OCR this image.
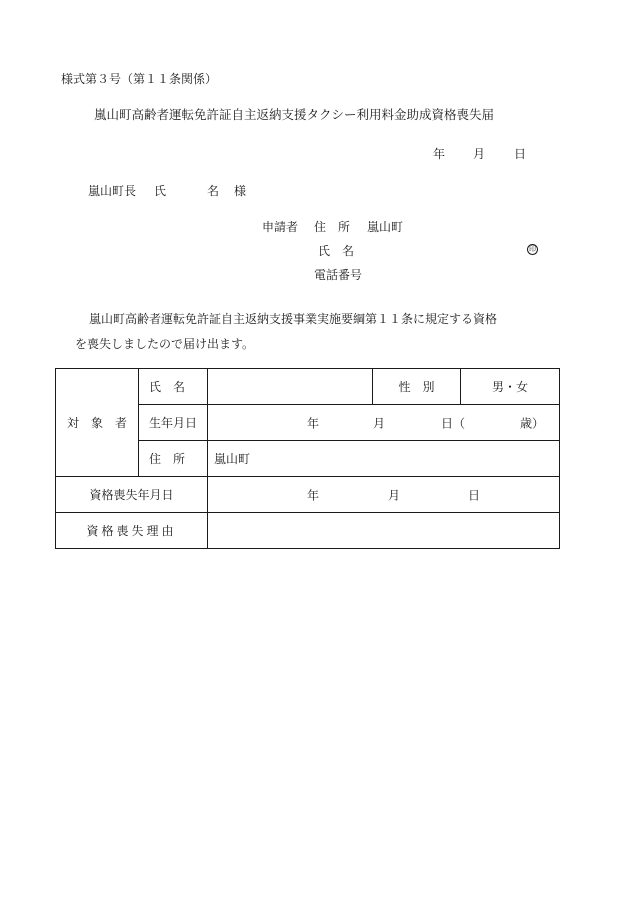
様式第３号（第１１条関係）
嵐山町高齢者運転免許証自主返納支援タクシー利用料金助成資格喪失届
年 月 日
嵐山町長 氏	名 様
申請者 住　所 嵐山町
氏　名	印
電話番号
嵐山町高齢者運転免許証自主返納支援事業実施要綱第１１条に規定する資格
を喪失しましたので届け出ます。
対　象　者	氏　名		性　別	男・女
	生年月日	年 月 日（ 歳）		

	住　所	嵐山町		
資格喪失年月日		年 月 日		

資格喪失理由				
